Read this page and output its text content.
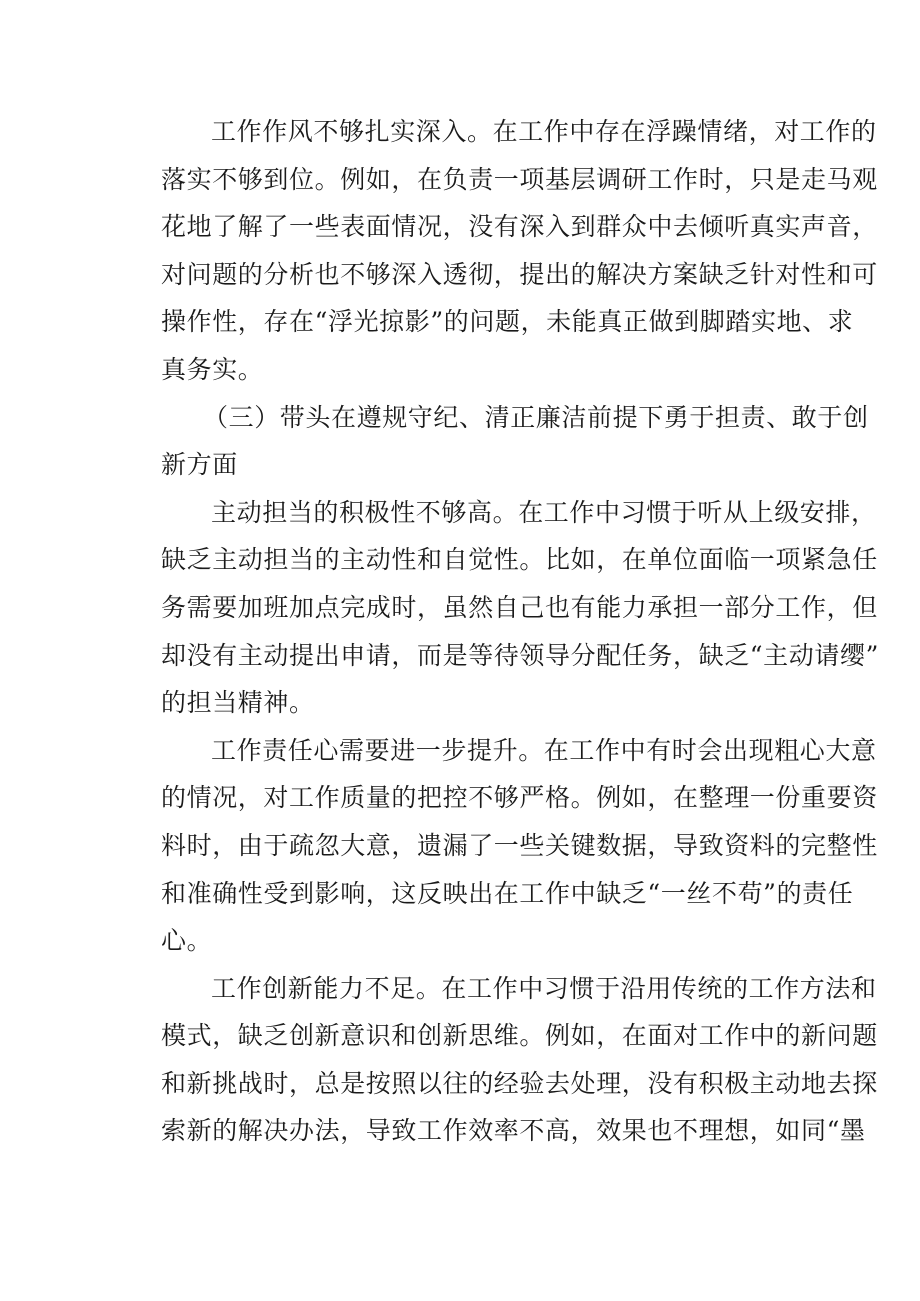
工作作风不够扎实深入。在工作中存在浮躁情绪，对工作的
落实不够到位。例如，在负责一项基层调研工作时，只是走马观
花地了解了一些表面情况，没有深入到群众中去倾听真实声音，
对问题的分析也不够深入透彻，提出的解决方案缺乏针对性和可
操作性，存在“浮光掠影”的问题，未能真正做到脚踏实地、求
真务实。

（三）带头在遵规守纪、清正廉洁前提下勇于担责、敢于创
新方面

主动担当的积极性不够高。在工作中习惯于听从上级安排，
缺乏主动担当的主动性和自觉性。比如，在单位面临一项紧急任
务需要加班加点完成时，虽然自己也有能力承担一部分工作，但
却没有主动提出申请，而是等待领导分配任务，缺乏“主动请缨”
的担当精神。

工作责任心需要进一步提升。在工作中有时会出现粗心大意
的情况，对工作质量的把控不够严格。例如，在整理一份重要资
料时，由于疏忽大意，遗漏了一些关键数据，导致资料的完整性
和准确性受到影响，这反映出在工作中缺乏“一丝不苟”的责任
心。

工作创新能力不足。在工作中习惯于沿用传统的工作方法和
模式，缺乏创新意识和创新思维。例如，在面对工作中的新问题
和新挑战时，总是按照以往的经验去处理，没有积极主动地去探
索新的解决办法，导致工作效率不高，效果也不理想，如同“墨
